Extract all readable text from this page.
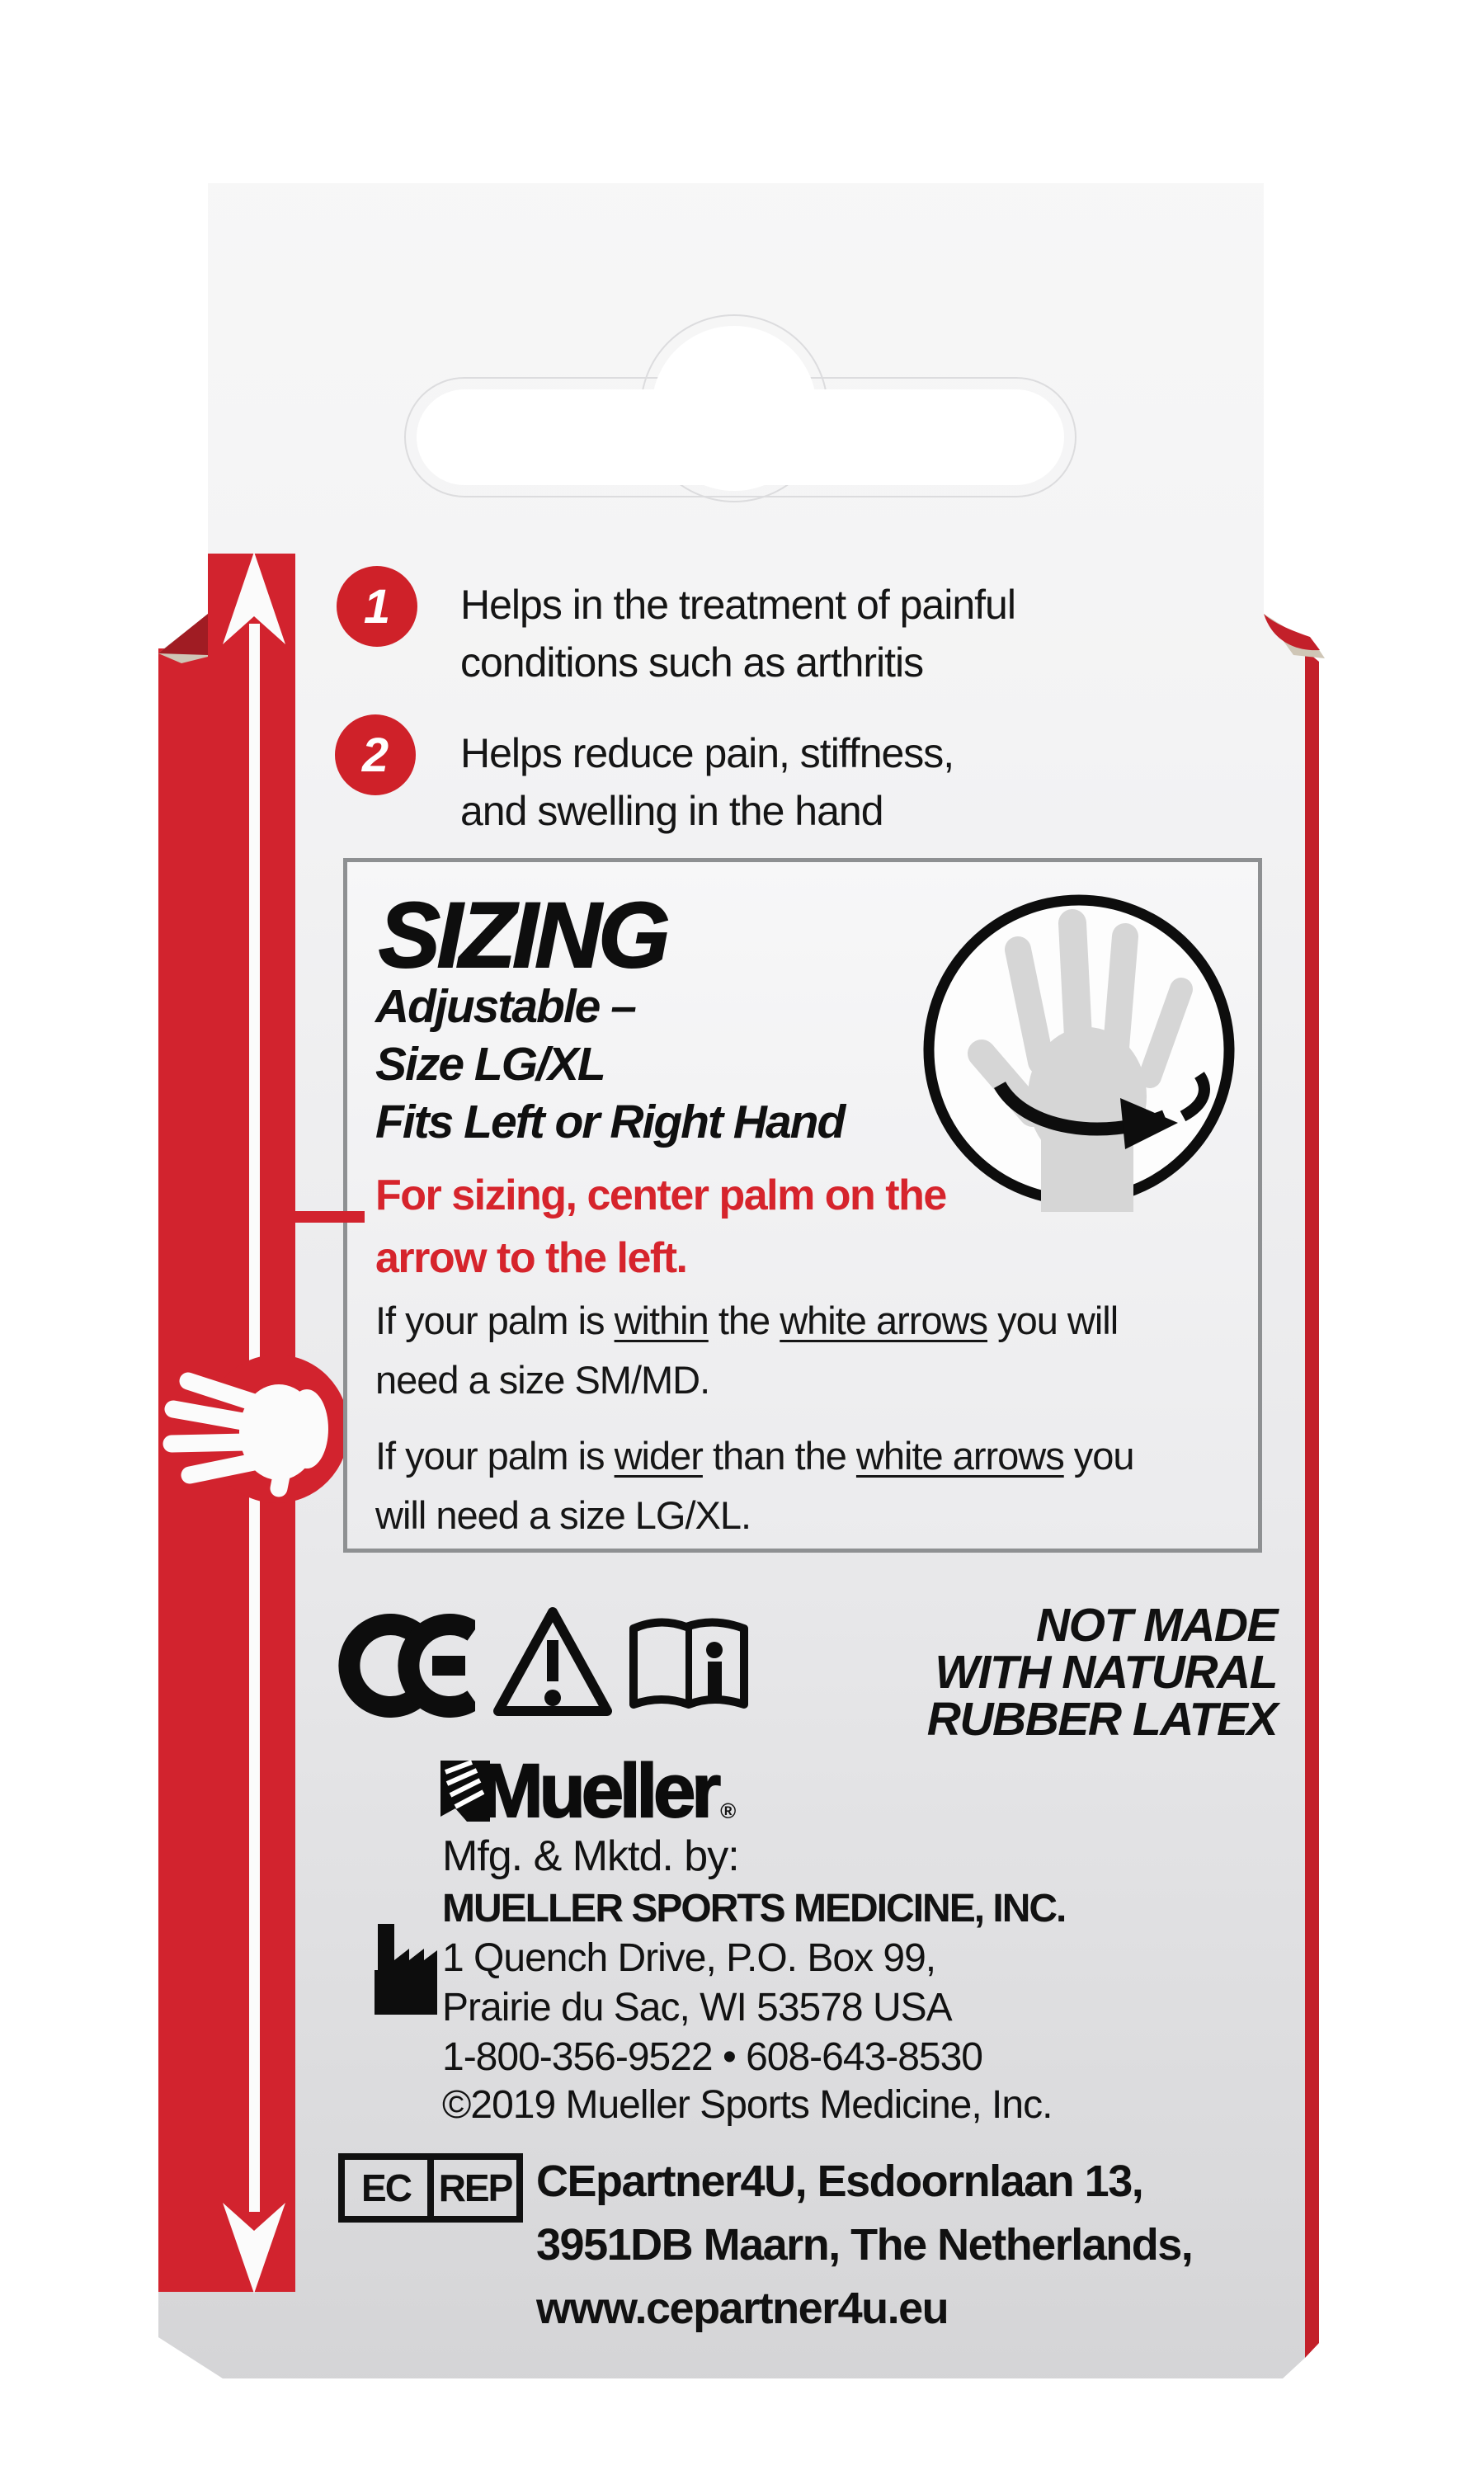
1 Helps in the treatment of painful
conditions such as arthritis
2 Helps reduce pain, stiffness,
and swelling in the hand
SIZING
Adjustable –
Size LG/XL
Fits Left or Right Hand
For sizing, center palm on the
arrow to the left.
If your palm is within the white arrows you will
need a size SM/MD.
If your palm is wider than the white arrows you
will need a size LG/XL.
NOT MADE
WITH NATURAL
RUBBER LATEX
Mueller ®
Mfg. & Mktd. by:
MUELLER SPORTS MEDICINE, INC.
1 Quench Drive, P.O. Box 99,
Prairie du Sac, WI 53578 USA
1-800-356-9522 • 608-643-8530
©2019 Mueller Sports Medicine, Inc.
EC REP CEpartner4U, Esdoornlaan 13,
3951DB Maarn, The Netherlands,
www.cepartner4u.eu
